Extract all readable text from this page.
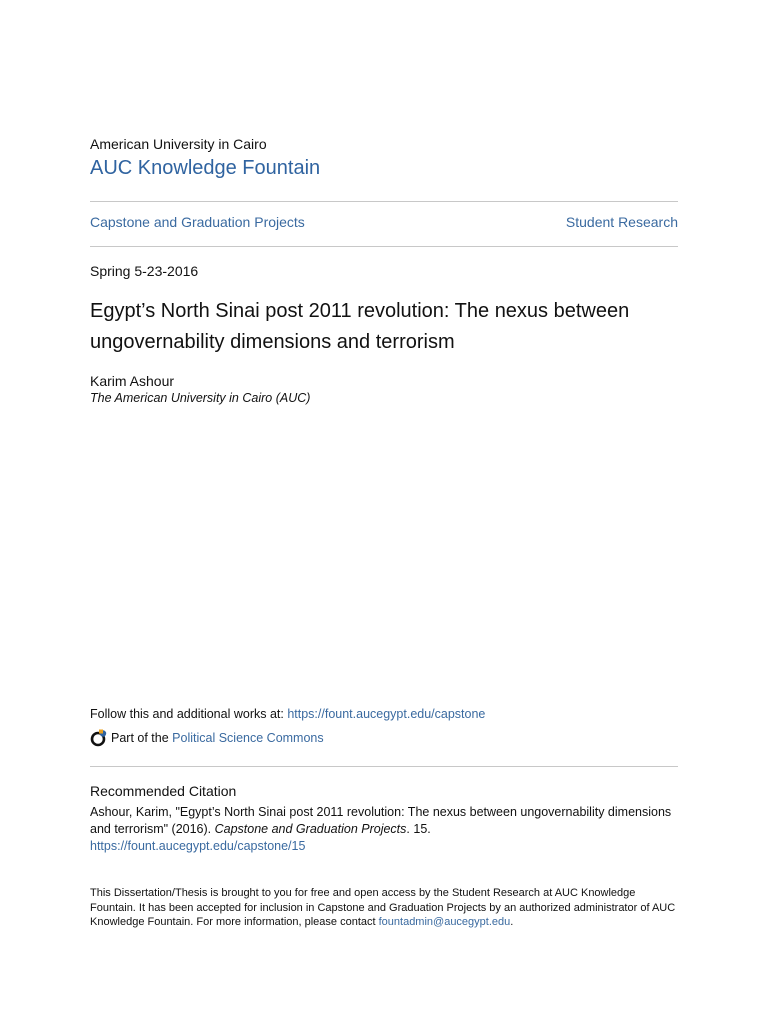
American University in Cairo
AUC Knowledge Fountain
Capstone and Graduation Projects	Student Research
Spring 5-23-2016
Egypt’s North Sinai post 2011 revolution: The nexus between ungovernability dimensions and terrorism
Karim Ashour
The American University in Cairo (AUC)
Follow this and additional works at: https://fount.aucegypt.edu/capstone
Part of the
Political Science Commons
Recommended Citation
Ashour, Karim, "Egypt’s North Sinai post 2011 revolution: The nexus between ungovernability dimensions and terrorism" (2016). Capstone and Graduation Projects. 15.
https://fount.aucegypt.edu/capstone/15
This Dissertation/Thesis is brought to you for free and open access by the Student Research at AUC Knowledge Fountain. It has been accepted for inclusion in Capstone and Graduation Projects by an authorized administrator of AUC Knowledge Fountain. For more information, please contact fountadmin@aucegypt.edu.
